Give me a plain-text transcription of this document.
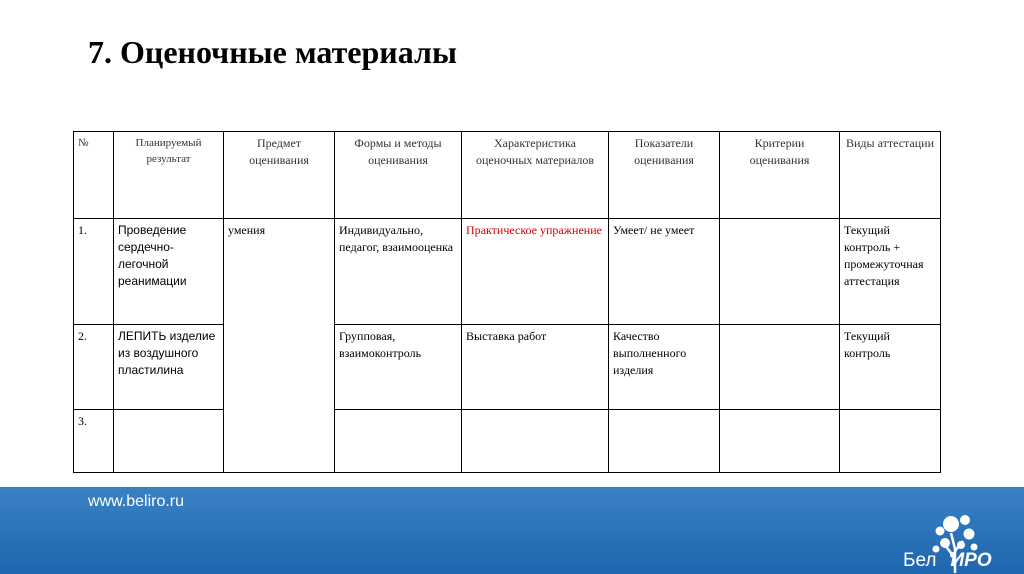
7. Оценочные материалы
№	Планируемый результат	Предмет оценивания	Формы и методы оценивания	Характеристика оценочных материалов	Показатели оценивания	Критерии оценивания	Виды аттестации
1.	Проведение сердечно-легочной реанимации	умения	Индивидуально, педагог, взаимооценка	Практическое упражнение	Умеет/ не умеет		Текущий контроль + промежуточная аттестация
2.	ЛЕПИТЬ изделие из воздушного пластилина		Групповая, взаимоконтроль	Выставка работ	Качество выполненного изделия		Текущий контроль
3.							
www.beliro.ru
Бел ИРО
